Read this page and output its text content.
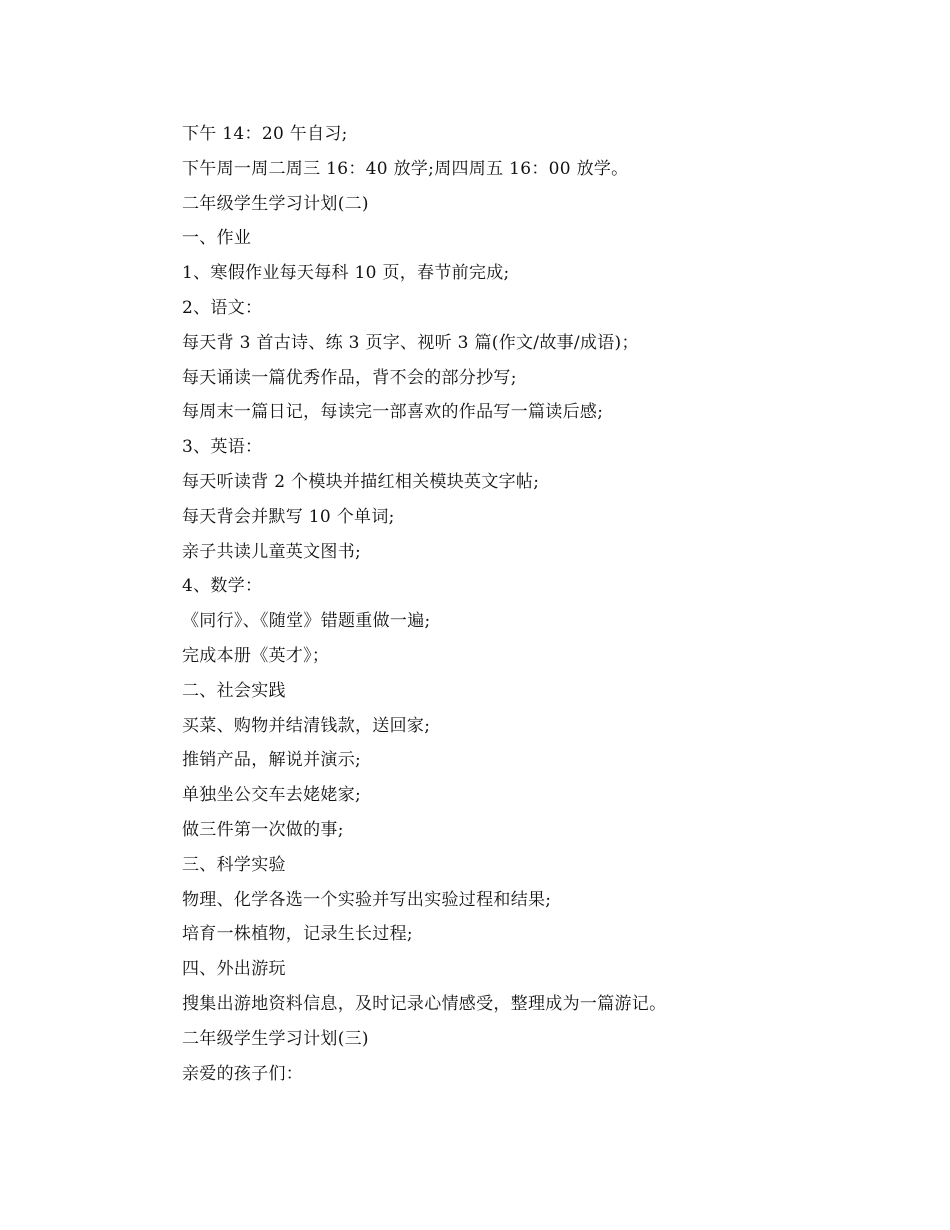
下午 14：20 午自习;
下午周一周二周三 16：40 放学;周四周五 16：00 放学。
二年级学生学习计划(二)
一、作业
1、寒假作业每天每科 10 页，春节前完成;
2、语文：
每天背 3 首古诗、练 3 页字、视听 3 篇(作文/故事/成语)；
每天诵读一篇优秀作品，背不会的部分抄写;
每周末一篇日记，每读完一部喜欢的作品写一篇读后感;
3、英语：
每天听读背 2 个模块并描红相关模块英文字帖;
每天背会并默写 10 个单词;
亲子共读儿童英文图书;
4、数学：
《同行》、《随堂》错题重做一遍;
完成本册《英才》；
二、社会实践
买菜、购物并结清钱款，送回家;
推销产品，解说并演示;
单独坐公交车去姥姥家;
做三件第一次做的事;
三、科学实验
物理、化学各选一个实验并写出实验过程和结果;
培育一株植物，记录生长过程;
四、外出游玩
搜集出游地资料信息，及时记录心情感受，整理成为一篇游记。
二年级学生学习计划(三)
亲爱的孩子们：
